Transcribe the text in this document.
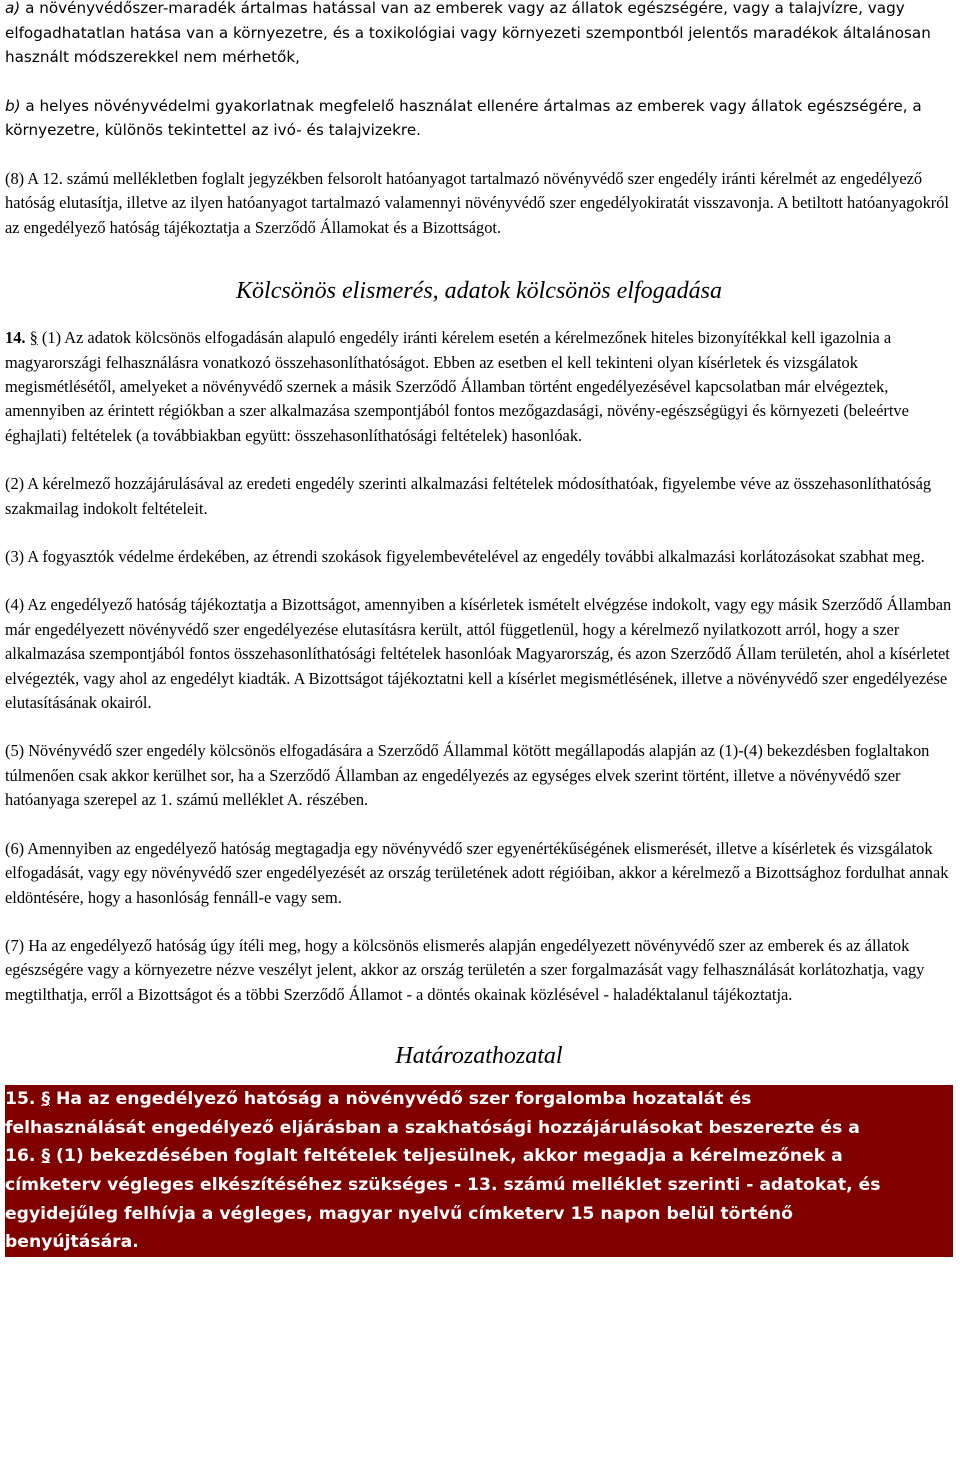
a) a növényvédőszer-maradék ártalmas hatással van az emberek vagy az állatok egészségére, vagy a talajvízre, vagy elfogadhatatlan hatása van a környezetre, és a toxikológiai vagy környezeti szempontból jelentős maradékok általánosan használt módszerekkel nem mérhetők,

b) a helyes növényvédelmi gyakorlatnak megfelelő használat ellenére ártalmas az emberek vagy állatok egészségére, a környezetre, különös tekintettel az ivó- és talajvizekre.

(8) A 12. számú mellékletben foglalt jegyzékben felsorolt hatóanyagot tartalmazó növényvédő szer engedély iránti kérelmét az engedélyező hatóság elutasítja, illetve az ilyen hatóanyagot tartalmazó valamennyi növényvédő szer engedélyokiratát visszavonja. A betiltott hatóanyagokról az engedélyező hatóság tájékoztatja a Szerződő Államokat és a Bizottságot.

Kölcsönös elismerés, adatok kölcsönös elfogadása

14. § (1) Az adatok kölcsönös elfogadásán alapuló engedély iránti kérelem esetén a kérelmezőnek hiteles bizonyítékkal kell igazolnia a magyarországi felhasználásra vonatkozó összehasonlíthatóságot. Ebben az esetben el kell tekinteni olyan kísérletek és vizsgálatok megismétlésétől, amelyeket a növényvédő szernek a másik Szerződő Államban történt engedélyezésével kapcsolatban már elvégeztek, amennyiben az érintett régiókban a szer alkalmazása szempontjából fontos mezőgazdasági, növény-egészségügyi és környezeti (beleértve éghajlati) feltételek (a továbbiakban együtt: összehasonlíthatósági feltételek) hasonlóak.

(2) A kérelmező hozzájárulásával az eredeti engedély szerinti alkalmazási feltételek módosíthatóak, figyelembe véve az összehasonlíthatóság szakmailag indokolt feltételeit.

(3) A fogyasztók védelme érdekében, az étrendi szokások figyelembevételével az engedély további alkalmazási korlátozásokat szabhat meg.

(4) Az engedélyező hatóság tájékoztatja a Bizottságot, amennyiben a kísérletek ismételt elvégzése indokolt, vagy egy másik Szerződő Államban már engedélyezett növényvédő szer engedélyezése elutasításra került, attól függetlenül, hogy a kérelmező nyilatkozott arról, hogy a szer alkalmazása szempontjából fontos összehasonlíthatósági feltételek hasonlóak Magyarország, és azon Szerződő Állam területén, ahol a kísérletet elvégezték, vagy ahol az engedélyt kiadták. A Bizottságot tájékoztatni kell a kísérlet megismétlésének, illetve a növényvédő szer engedélyezése elutasításának okairól.

(5) Növényvédő szer engedély kölcsönös elfogadására a Szerződő Állammal kötött megállapodás alapján az (1)-(4) bekezdésben foglaltakon túlmenően csak akkor kerülhet sor, ha a Szerződő Államban az engedélyezés az egységes elvek szerint történt, illetve a növényvédő szer hatóanyaga szerepel az 1. számú melléklet A. részében.

(6) Amennyiben az engedélyező hatóság megtagadja egy növényvédő szer egyenértékűségének elismerését, illetve a kísérletek és vizsgálatok elfogadását, vagy egy növényvédő szer engedélyezését az ország területének adott régióiban, akkor a kérelmező a Bizottsághoz fordulhat annak eldöntésére, hogy a hasonlóság fennáll-e vagy sem.

(7) Ha az engedélyező hatóság úgy ítéli meg, hogy a kölcsönös elismerés alapján engedélyezett növényvédő szer az emberek és az állatok egészségére vagy a környezetre nézve veszélyt jelent, akkor az ország területén a szer forgalmazását vagy felhasználását korlátozhatja, vagy megtilthatja, erről a Bizottságot és a többi Szerződő Államot - a döntés okainak közlésével - haladéktalanul tájékoztatja.

Határozathozatal

15. § Ha az engedélyező hatóság a növényvédő szer forgalomba hozatalát és
felhasználását engedélyező eljárásban a szakhatósági hozzájárulásokat beszerezte és a
16. § (1) bekezdésében foglalt feltételek teljesülnek, akkor megadja a kérelmezőnek a
címketerv végleges elkészítéséhez szükséges - 13. számú melléklet szerinti - adatokat, és
egyidejűleg felhívja a végleges, magyar nyelvű címketerv 15 napon belül történő
benyújtására.
